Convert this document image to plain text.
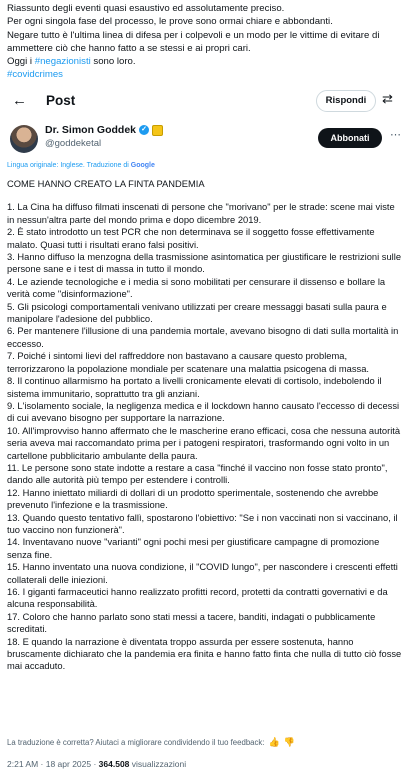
Riassunto degli eventi quasi esaustivo ed assolutamente preciso.

Per ogni singola fase del processo, le prove sono ormai chiare e abbondanti.

Negare tutto è l'ultima linea di difesa per i colpevoli e un modo per le vittime di evitare di ammettere ciò che hanno fatto a se stessi e ai propri cari.

Oggi i #negazionisti sono loro.

#covidcrimes

← Post	Rispondi	⇄
Dr. Simon Goddek ✓
@goddeketal	Abbonati	⋯
Lingua originale: Inglese. Traduzione di Google

COME HANNO CREATO LA FINTA PANDEMIA

1. La Cina ha diffuso filmati inscenati di persone che "morivano" per le strade: scene mai viste in nessun'altra parte del mondo prima e dopo dicembre 2019.

2. È stato introdotto un test PCR che non determinava se il soggetto fosse effettivamente malato. Quasi tutti i risultati erano falsi positivi.

3. Hanno diffuso la menzogna della trasmissione asintomatica per giustificare le restrizioni sulle persone sane e i test di massa in tutto il mondo.

4. Le aziende tecnologiche e i media si sono mobilitati per censurare il dissenso e bollare la verità come "disinformazione".

5. Gli psicologi comportamentali venivano utilizzati per creare messaggi basati sulla paura e manipolare l'adesione del pubblico.

6. Per mantenere l'illusione di una pandemia mortale, avevano bisogno di dati sulla mortalità in eccesso.

7. Poiché i sintomi lievi del raffreddore non bastavano a causare questo problema, terrorizzarono la popolazione mondiale per scatenare una malattia psicogena di massa.

8. Il continuo allarmismo ha portato a livelli cronicamente elevati di cortisolo, indebolendo il sistema immunitario, soprattutto tra gli anziani.

9. L'isolamento sociale, la negligenza medica e il lockdown hanno causato l'eccesso di decessi di cui avevano bisogno per supportare la narrazione.

10. All'improvviso hanno affermato che le mascherine erano efficaci, cosa che nessuna autorità seria aveva mai raccomandato prima per i patogeni respiratori, trasformando ogni volto in un cartellone pubblicitario ambulante della paura.

11. Le persone sono state indotte a restare a casa "finché il vaccino non fosse stato pronto", dando alle autorità più tempo per estendere i controlli.

12. Hanno iniettato miliardi di dollari di un prodotto sperimentale, sostenendo che avrebbe prevenuto l'infezione e la trasmissione.

13. Quando questo tentativo fallì, spostarono l'obiettivo: "Se i non vaccinati non si vaccinano, il tuo vaccino non funzionerà".

14. Inventavano nuove "varianti" ogni pochi mesi per giustificare campagne di promozione senza fine.

15. Hanno inventato una nuova condizione, il "COVID lungo", per nascondere i crescenti effetti collaterali delle iniezioni.

16. I giganti farmaceutici hanno realizzato profitti record, protetti da contratti governativi e da alcuna responsabilità.

17. Coloro che hanno parlato sono stati messi a tacere, banditi, indagati o pubblicamente screditati.

18. E quando la narrazione è diventata troppo assurda per essere sostenuta, hanno bruscamente dichiarato che la pandemia era finita e hanno fatto finta che nulla di tutto ciò fosse mai accaduto.

La traduzione è corretta? Aiutaci a migliorare condividendo il tuo feedback: 👍 👎
2:21 AM · 18 apr 2025 · 364.508 visualizzazioni
